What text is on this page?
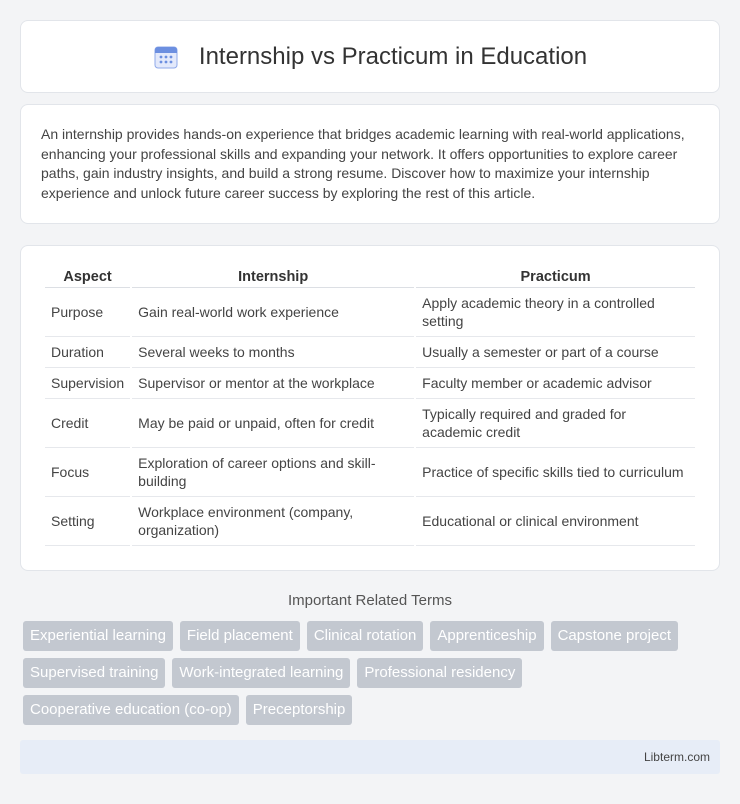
Internship vs Practicum in Education

An internship provides hands-on experience that bridges academic learning with real-world applications, enhancing your professional skills and expanding your network. It offers opportunities to explore career paths, gain industry insights, and build a strong resume. Discover how to maximize your internship experience and unlock future career success by exploring the rest of this article.

Aspect	Internship	Practicum
Purpose	Gain real-world work experience	Apply academic theory in a controlled setting
Duration	Several weeks to months	Usually a semester or part of a course
Supervision	Supervisor or mentor at the workplace	Faculty member or academic advisor
Credit	May be paid or unpaid, often for credit	Typically required and graded for academic credit
Focus	Exploration of career options and skill-building	Practice of specific skills tied to curriculum
Setting	Workplace environment (company, organization)	Educational or clinical environment
Important Related Terms
Experiential learning	Field placement	Clinical rotation	Apprenticeship	Capstone project
Supervised training	Work-integrated learning	Professional residency
Cooperative education (co-op)	Preceptorship
Libterm.com
